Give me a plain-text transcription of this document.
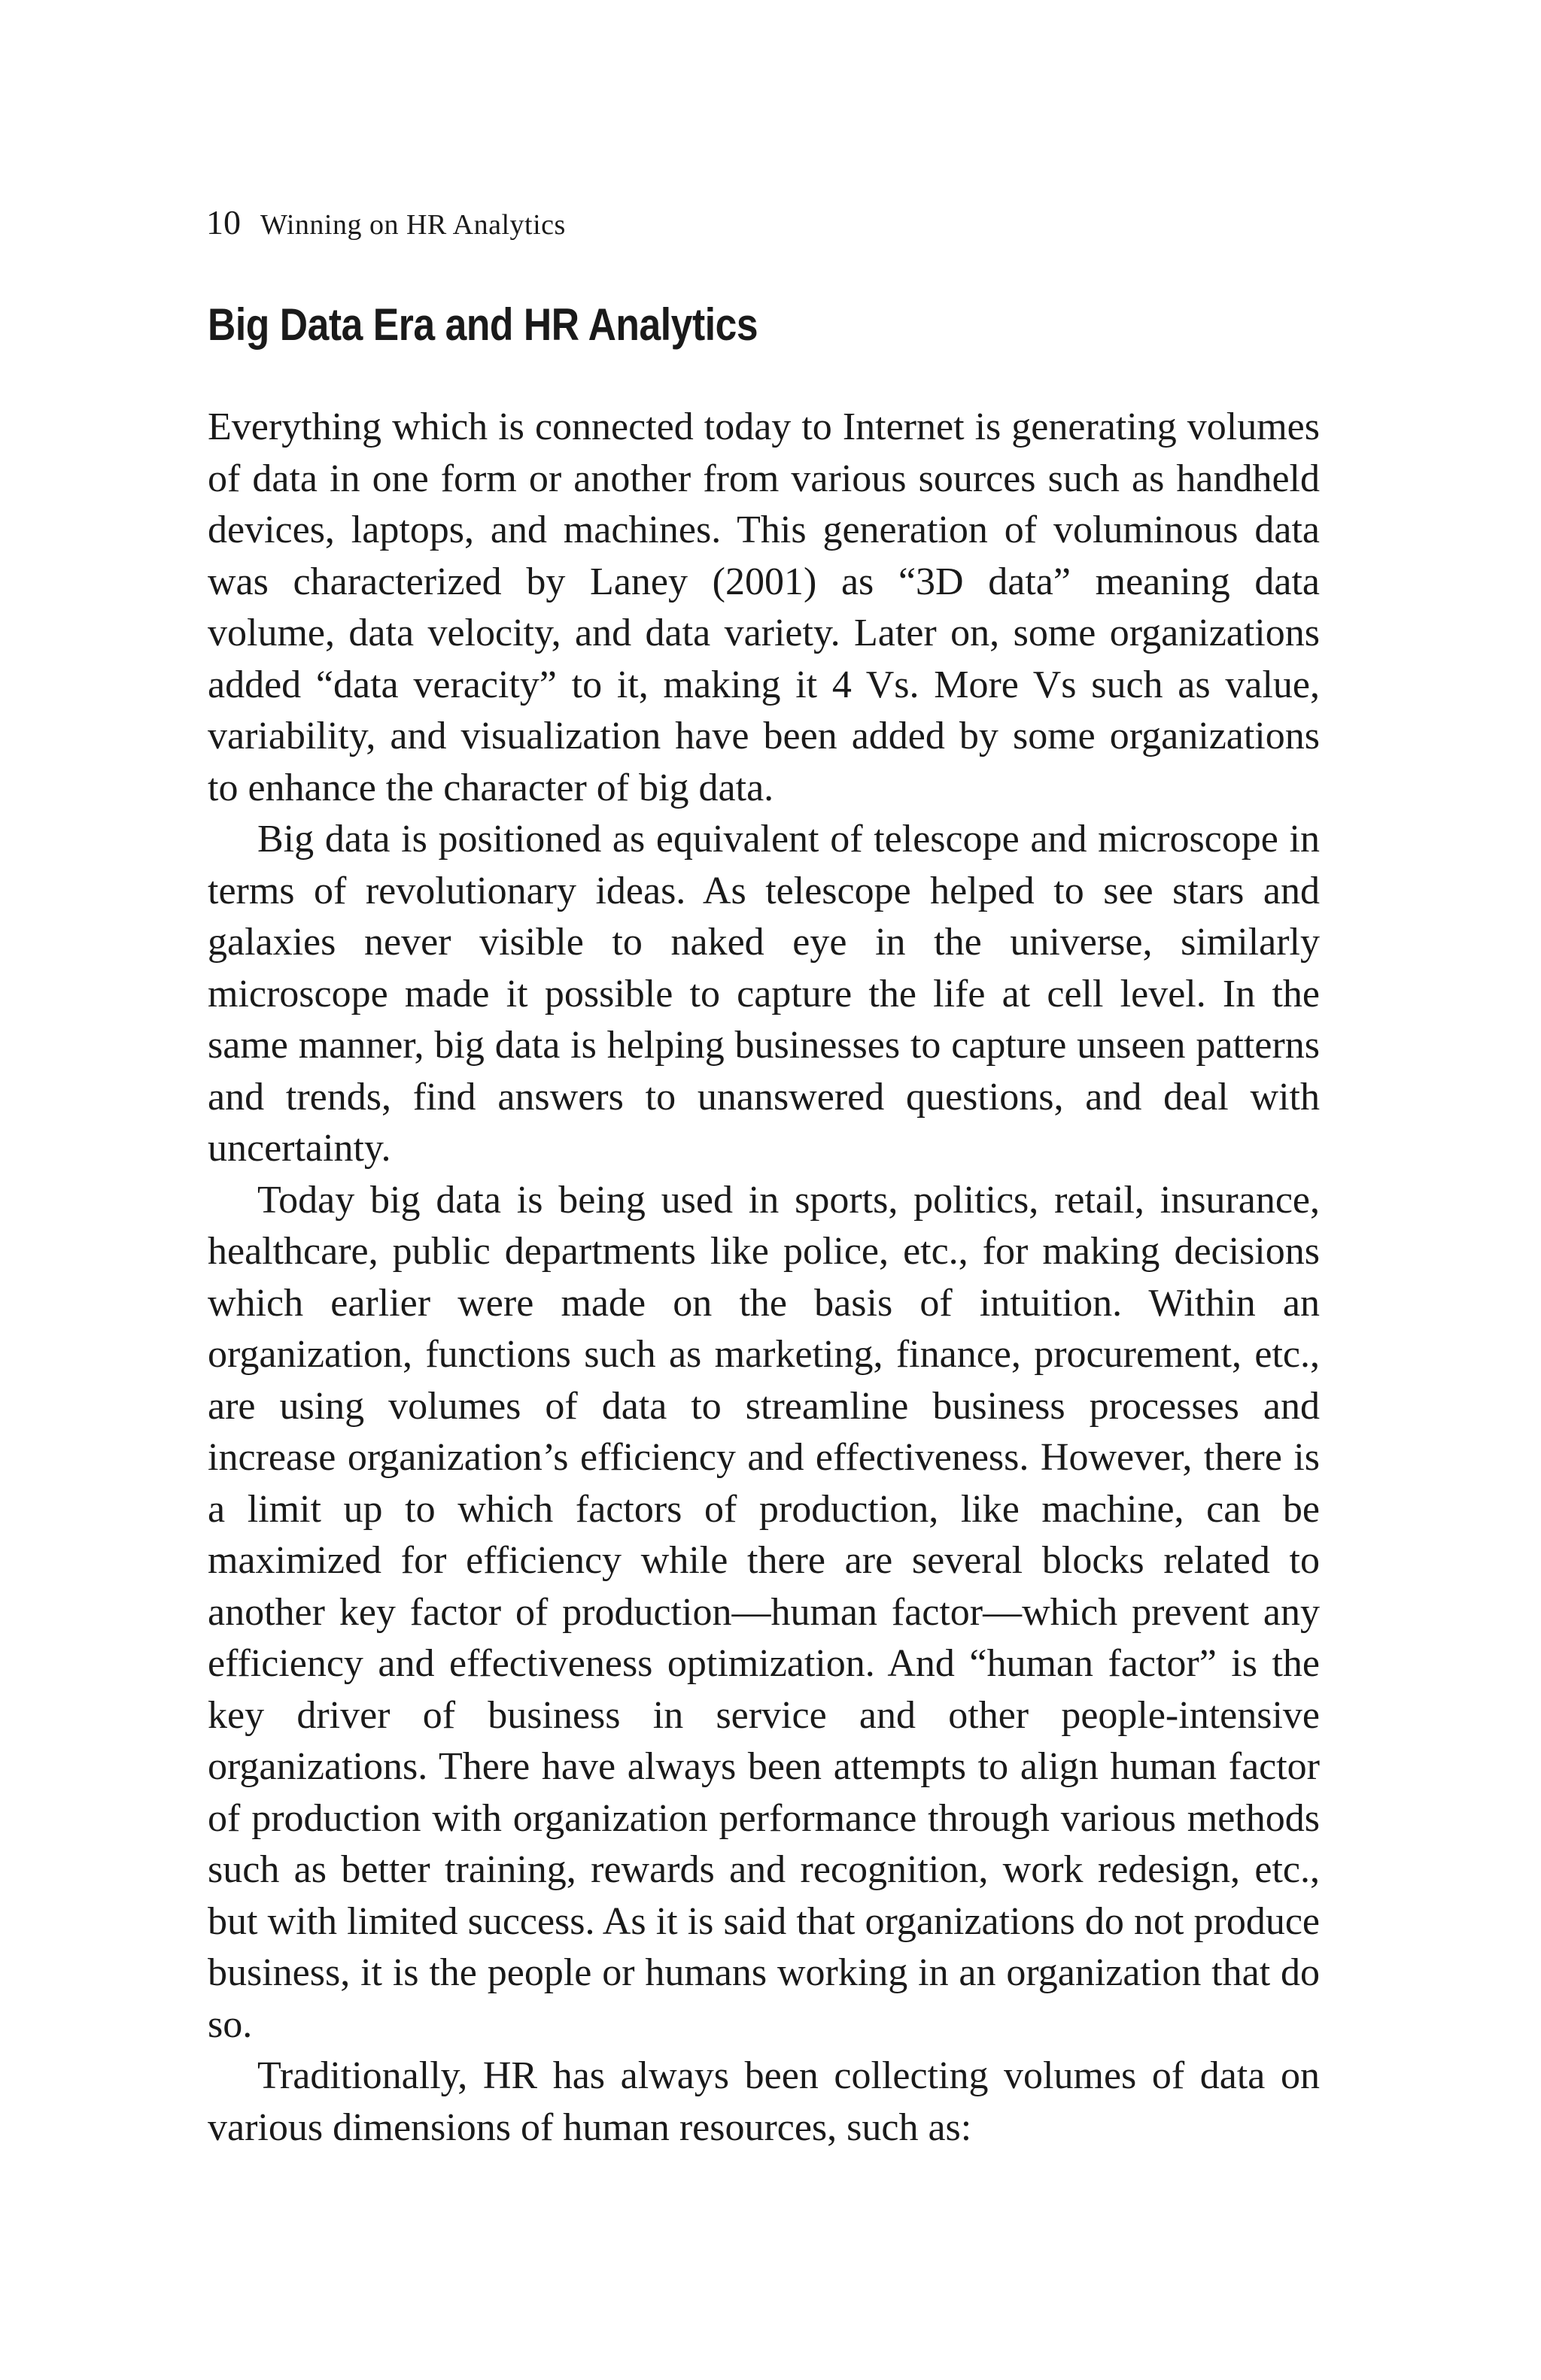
10 Winning on HR Analytics
Big Data Era and HR Analytics

Everything which is connected today to Internet is generating volumes of data in one form or another from various sources such as handheld devices, laptops, and machines. This generation of voluminous data was characterized by Laney (2001) as “3D data” meaning data volume, data velocity, and data variety. Later on, some organizations added “data veracity” to it, making it 4 Vs. More Vs such as value, variability, and visualization have been added by some organizations to enhance the character of big data.

Big data is positioned as equivalent of telescope and microscope in terms of revolutionary ideas. As telescope helped to see stars and galaxies never visible to naked eye in the universe, similarly microscope made it possible to capture the life at cell level. In the same manner, big data is helping businesses to capture unseen patterns and trends, find answers to unanswered questions, and deal with uncertainty.

Today big data is being used in sports, politics, retail, insurance, healthcare, public departments like police, etc., for making decisions which earlier were made on the basis of intuition. Within an organization, functions such as marketing, finance, procurement, etc., are using volumes of data to streamline business processes and increase organization’s efficiency and effectiveness. However, there is a limit up to which factors of production, like machine, can be maximized for efficiency while there are several blocks related to another key factor of production—human factor—which prevent any efficiency and effectiveness optimization. And “human factor” is the key driver of business in service and other people-intensive organizations. There have always been attempts to align human factor of production with organization performance through various methods such as better training, rewards and recognition, work redesign, etc., but with limited success. As it is said that organizations do not produce business, it is the people or humans working in an organization that do so.

Traditionally, HR has always been collecting volumes of data on various dimensions of human resources, such as:
